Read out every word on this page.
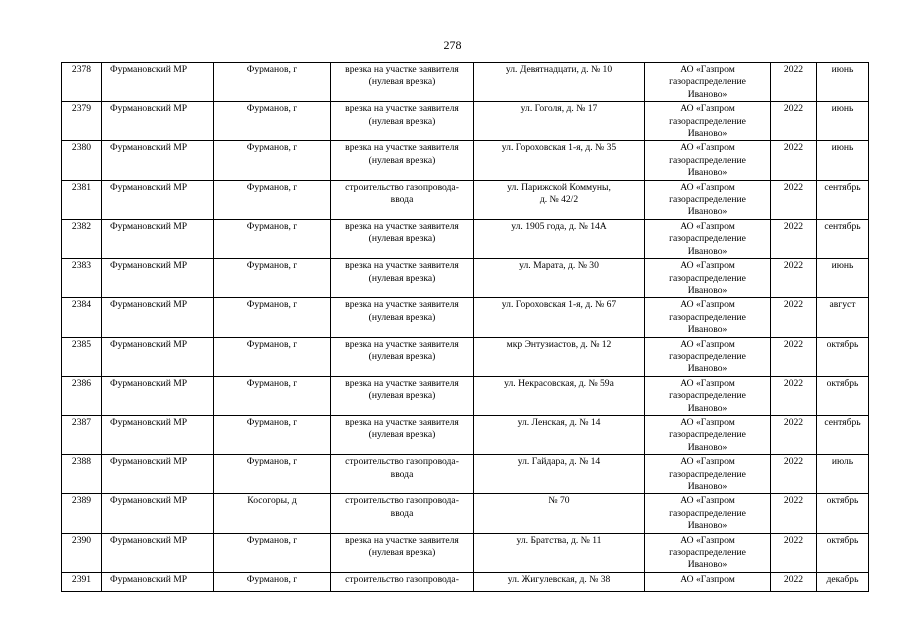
278
2378	Фурмановский МР	Фурманов, г	врезка на участке заявителя
(нулевая врезка)	ул. Девятнадцати, д. № 10	АО «Газпром
газораспределение
Иваново»	2022	июнь
2379	Фурмановский МР	Фурманов, г	врезка на участке заявителя
(нулевая врезка)	ул. Гоголя, д. № 17	АО «Газпром
газораспределение
Иваново»	2022	июнь
2380	Фурмановский МР	Фурманов, г	врезка на участке заявителя
(нулевая врезка)	ул. Гороховская 1-я, д. № 35	АО «Газпром
газораспределение
Иваново»	2022	июнь
2381	Фурмановский МР	Фурманов, г	строительство газопровода-
ввода	ул. Парижской Коммуны,
д. № 42/2	АО «Газпром
газораспределение
Иваново»	2022	сентябрь
2382	Фурмановский МР	Фурманов, г	врезка на участке заявителя
(нулевая врезка)	ул. 1905 года, д. № 14А	АО «Газпром
газораспределение
Иваново»	2022	сентябрь
2383	Фурмановский МР	Фурманов, г	врезка на участке заявителя
(нулевая врезка)	ул. Марата, д. № 30	АО «Газпром
газораспределение
Иваново»	2022	июнь
2384	Фурмановский МР	Фурманов, г	врезка на участке заявителя
(нулевая врезка)	ул. Гороховская 1-я, д. № 67	АО «Газпром
газораспределение
Иваново»	2022	август
2385	Фурмановский МР	Фурманов, г	врезка на участке заявителя
(нулевая врезка)	мкр Энтузиастов, д. № 12	АО «Газпром
газораспределение
Иваново»	2022	октябрь
2386	Фурмановский МР	Фурманов, г	врезка на участке заявителя
(нулевая врезка)	ул. Некрасовская, д. № 59а	АО «Газпром
газораспределение
Иваново»	2022	октябрь
2387	Фурмановский МР	Фурманов, г	врезка на участке заявителя
(нулевая врезка)	ул. Ленская, д. № 14	АО «Газпром
газораспределение
Иваново»	2022	сентябрь
2388	Фурмановский МР	Фурманов, г	строительство газопровода-
ввода	ул. Гайдара, д. № 14	АО «Газпром
газораспределение
Иваново»	2022	июль
2389	Фурмановский МР	Косогоры, д	строительство газопровода-
ввода	№ 70	АО «Газпром
газораспределение
Иваново»	2022	октябрь
2390	Фурмановский МР	Фурманов, г	врезка на участке заявителя
(нулевая врезка)	ул. Братства, д. № 11	АО «Газпром
газораспределение
Иваново»	2022	октябрь
2391	Фурмановский МР	Фурманов, г	строительство газопровода-	ул. Жигулевская, д. № 38	АО «Газпром	2022	декабрь
